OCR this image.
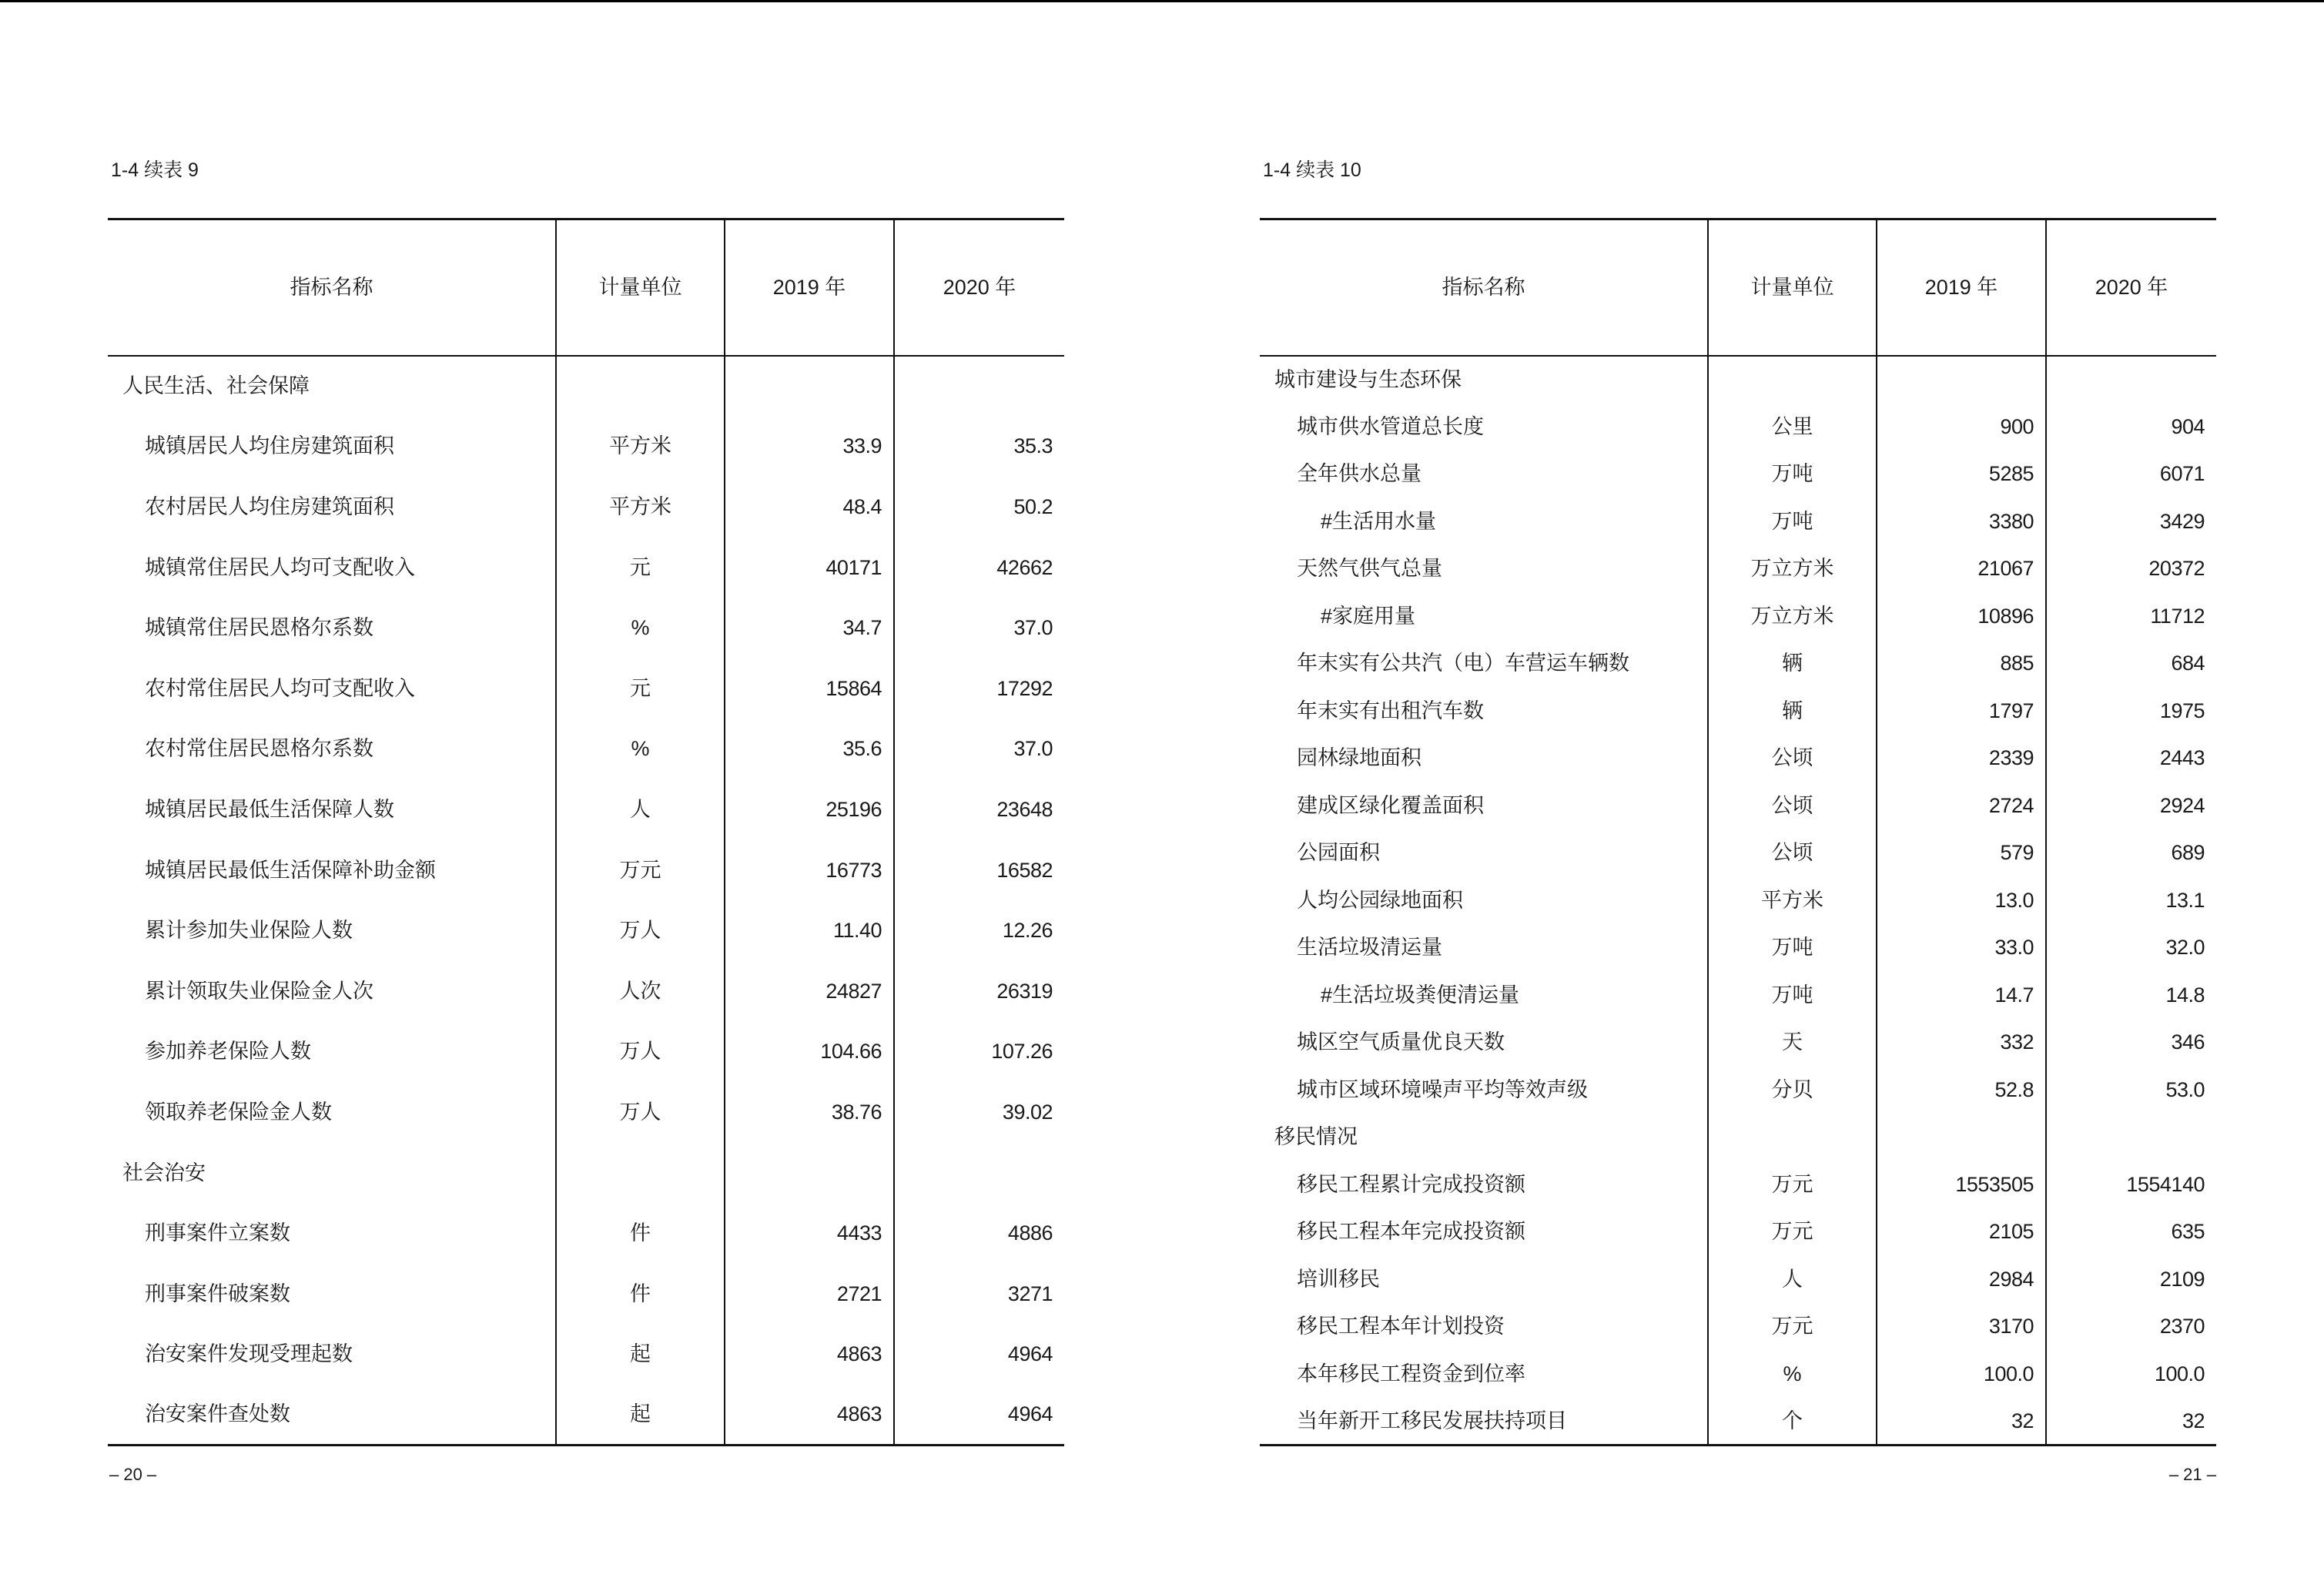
1-4 续表 9
指标名称	计量单位	2019 年	2020 年
人民生活、社会保障			
城镇居民人均住房建筑面积	平方米	33.9	35.3
农村居民人均住房建筑面积	平方米	48.4	50.2
城镇常住居民人均可支配收入	元	40171	42662
城镇常住居民恩格尔系数	%	34.7	37.0
农村常住居民人均可支配收入	元	15864	17292
农村常住居民恩格尔系数	%	35.6	37.0
城镇居民最低生活保障人数	人	25196	23648
城镇居民最低生活保障补助金额	万元	16773	16582
累计参加失业保险人数	万人	11.40	12.26
累计领取失业保险金人次	人次	24827	26319
参加养老保险人数	万人	104.66	107.26
领取养老保险金人数	万人	38.76	39.02
社会治安			
刑事案件立案数	件	4433	4886
刑事案件破案数	件	2721	3271
治安案件发现受理起数	起	4863	4964
治安案件查处数	起	4863	4964
– 20 –
1-4 续表 10
指标名称	计量单位	2019 年	2020 年
城市建设与生态环保			
城市供水管道总长度	公里	900	904
全年供水总量	万吨	5285	6071
#生活用水量	万吨	3380	3429
天然气供气总量	万立方米	21067	20372
#家庭用量	万立方米	10896	11712
年末实有公共汽（电）车营运车辆数	辆	885	684
年末实有出租汽车数	辆	1797	1975
园林绿地面积	公顷	2339	2443
建成区绿化覆盖面积	公顷	2724	2924
公园面积	公顷	579	689
人均公园绿地面积	平方米	13.0	13.1
生活垃圾清运量	万吨	33.0	32.0
#生活垃圾粪便清运量	万吨	14.7	14.8
城区空气质量优良天数	天	332	346
城市区域环境噪声平均等效声级	分贝	52.8	53.0
移民情况			
移民工程累计完成投资额	万元	1553505	1554140
移民工程本年完成投资额	万元	2105	635
培训移民	人	2984	2109
移民工程本年计划投资	万元	3170	2370
本年移民工程资金到位率	%	100.0	100.0
当年新开工移民发展扶持项目	个	32	32
– 21 –
